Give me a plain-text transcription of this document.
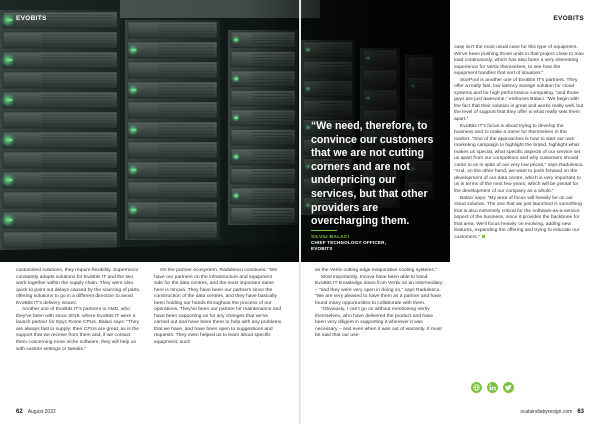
EVOBITS	EVOBITS
“We need, therefore, to convince our customers that we are not cutting corners and are not underpricing our services, but that other providers are overcharging them.
SILVIU BALACI
CHIEF TECHNOLOGY OFFICER,
EVOBITS

customised solutions, they require flexibility. Supermicro constantly adapts solutions for EvoBits IT and the two work together within the supply chain. They were also quick to point out delays caused by the sourcing of parts, offering solutions to go in a different direction to avoid EvoBits IT's delivery issues.

Another one of EvoBits IT's partners is AMD, who they've been with since 2019, where EvoBits IT were a launch partner for Epyc Rome CPUs. Balaci says: “They are always fast to supply; their CPUs are great, as is the support that we receive from them and, if we contact them concerning more niche software, they will help us with custom settings or tweaks.”

On the partner ecosystem, Radulescu continues: “We have our partners on the infrastructure and equipment side for the data centres, and the most important name here is Innova. They have been our partners since the construction of the data centres, and they have basically been holding our hands throughout the process of our operations. They've been our partner for maintenance and have been supporting us for any changes that we've carried out and have been there to help with any problems that we have, and have been open to suggestions and requests. They even helped us to learn about specific equipment, such

as the Vertiv cutting edge evaporative cooling systems.”

Most importantly, Innova have been able to hand EvoBits IT knowledge down from Vertiv as an intermediary – “and they were very open in doing so,” says Radulescu. “We are very pleased to have them as a partner and have found many opportunities to collaborate with them.

“Obviously, I can't go on without mentioning Vertiv themselves, who have delivered the product and have been very diligent in supporting it wherever it was necessary – and even when it was out of warranty. It must be said that our use-

case isn't the most usual case for this type of equipment. We've been pushing those units in that project close to max load continuously, which has also been a very interesting experience for Vertiv themselves, to see how the equipment handles that sort of situation.”

StorPool is another one of EvoBits IT's partners. They offer a really fast, low latency storage solution for cloud systems and for high performance computing, “and those guys are just awesome,” enthuses Balaci. “We begin with the fact that their solution is great and works really well, but the level of support that they offer is what really sets them apart.”

EvoBits IT's focus is about trying to develop the business and to make a name for themselves in the market. “One of the approaches is how to start our own marketing campaign to highlight the brand, highlight what makes us special, what specific aspects of our service set us apart from our competitors and why customers should come to us in spite of our very low prices,” says Radulescu. “And, on the other hand, we want to push forward on the development of our data centre, which is very important to us in terms of the next few years, which will be pivotal for the development of our company as a whole.”

Balaci says: “My area of focus will heavily be on our cloud solution. The one that we just launched is something that is also extremely critical for the software-as-a-service aspect of the business, since it provides the backbone for that area. We'll focus heavily on evolving, adding new features, expanding the offering and trying to educate our customers.”

62 August 2022	scalaindiabyresign.com 63
